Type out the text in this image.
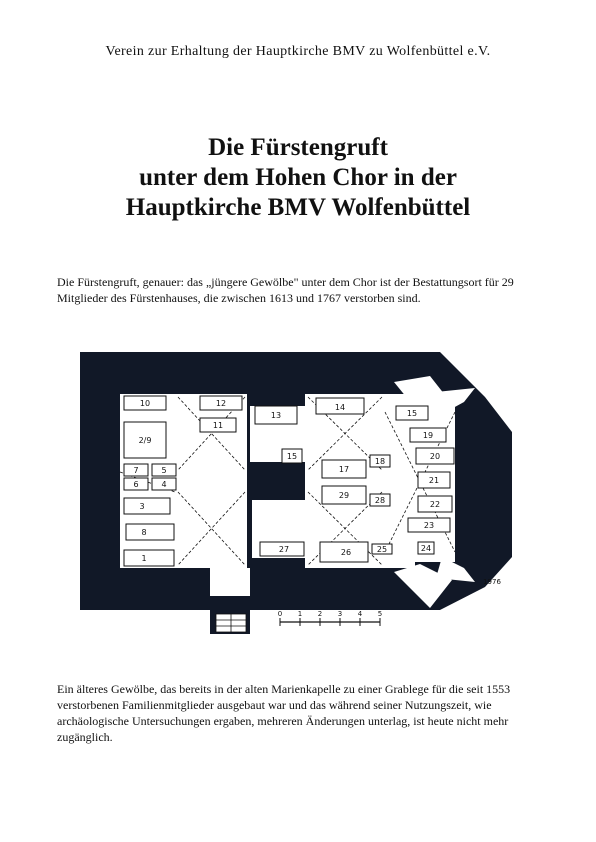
Verein zur Erhaltung der Hauptkirche BMV zu Wolfenbüttel e.V.
Die Fürstengruft
unter dem Hohen Chor in der
Hauptkirche BMV Wolfenbüttel

Die Fürstengruft, genauer: das „jüngere Gewölbe" unter dem Chor ist der Bestattungsort für 29 Mitglieder des Fürstenhauses, die zwischen 1613 und 1767 verstorben sind.

10	12
13
14
15
2/9
11
19
7	5
6	4
15
18
20
21
17
29
3
28	22
8
23
1
27	26	25	24
0 1 2 3 4 5
1976

Ein älteres Gewölbe, das bereits in der alten Marienkapelle zu einer Grablege für die seit 1553 verstorbenen Familienmitglieder ausgebaut war und das während seiner Nutzungszeit, wie archäologische Untersuchungen ergaben, mehreren Änderungen unterlag, ist heute nicht mehr zugänglich.
